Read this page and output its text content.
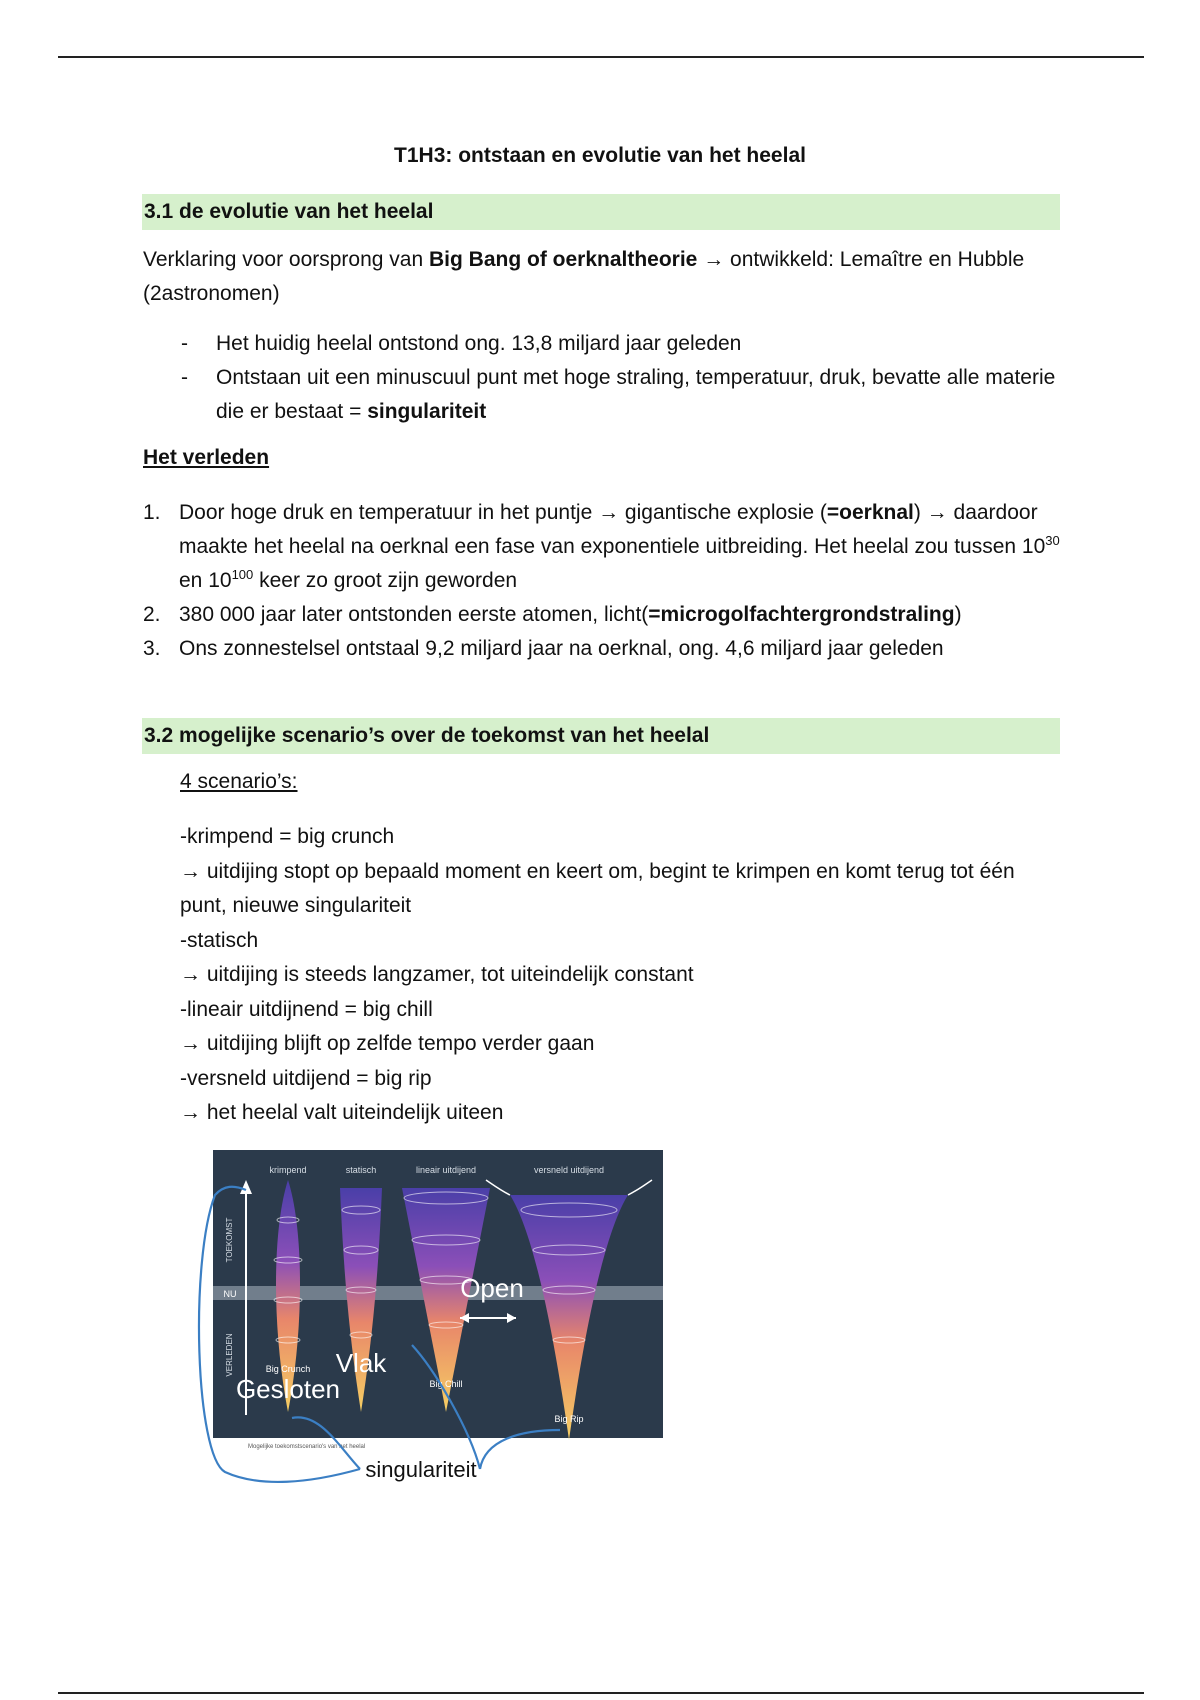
T1H3: ontstaan en evolutie van het heelal
3.1 de evolutie van het heelal

Verklaring voor oorsprong van Big Bang of oerknaltheorie → ontwikkeld: Lemaître en Hubble (2astronomen)

- Het huidig heelal ontstond ong. 13,8 miljard jaar geleden
- Ontstaan uit een minuscuul punt met hoge straling, temperatuur, druk, bevatte alle materie die er bestaat = singulariteit
Het verleden
1. Door hoge druk en temperatuur in het puntje → gigantische explosie (=oerknal) → daardoor maakte het heelal na oerknal een fase van exponentiele uitbreiding. Het heelal zou tussen $10^{30}$ en $10^{100}$ keer zo groot zijn geworden
2. 380 000 jaar later ontstonden eerste atomen, licht(=microgolfachtergrondstraling)
3. Ons zonnestelsel ontstaal 9,2 miljard jaar na oerknal, ong. 4,6 miljard jaar geleden
3.2 mogelijke scenario’s over de toekomst van het heelal
4 scenario’s:
-krimpend = big crunch
→ uitdijing stopt op bepaald moment en keert om, begint te krimpen en komt terug tot één punt, nieuwe singulariteit
-statisch
→ uitdijing is steeds langzamer, tot uiteindelijk constant
-lineair uitdijnend = big chill
→ uitdijing blijft op zelfde tempo verder gaan
-versneld uitdijend = big rip
→ het heelal valt uiteindelijk uiteen
krimpend	statisch	lineair uitdijend	versneld uitdijend
TOEKOMST
NU
VERLEDEN
Open
Vlak
Big Crunch
Gesloten	Big Chill
Big Rip
Mogelijke toekomstscenario's van het heelal
singulariteit
